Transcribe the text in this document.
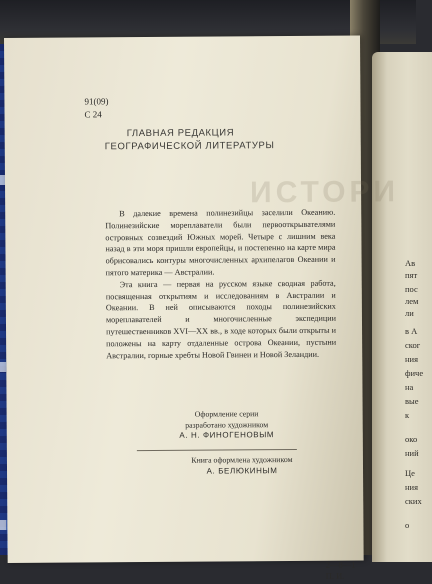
Ав
пят
пос
лем
ли
в А
ског
ния
фиче
на
вые
к
око
ний
Це
ния
ских
о
ИСТОРИ
91(09)
С 24
ГЛАВНАЯ РЕДАКЦИЯ
ГЕОГРАФИЧЕСКОЙ ЛИТЕРАТУРЫ

В далекие времена полинезийцы заселили Океанию. Полинезийские мореплаватели были первооткрывателями островных созвездий Южных морей. Четыре с лишним века назад в эти моря пришли европейцы, и постепенно на карте мира обрисовались контуры многочисленных архипелагов Океании и пятого материка — Австралии.

Эта книга — первая на русском языке сводная работа, посвященная открытиям и исследованиям в Австралии и Океании. В ней описываются походы полинезийских мореплавателей и многочисленные экспедиции путешественников XVI—XX вв., в ходе которых были открыты и положены на карту отдаленные острова Океании, пустыни Австралии, горные хребты Новой Гвинеи и Новой Зеландии.

Оформление серии
разработано художником
А. Н. ФИНОГЕНОВЫМ
Книга оформлена художником
А. БЕЛЮКИНЫМ
2—8—1
П. И.
